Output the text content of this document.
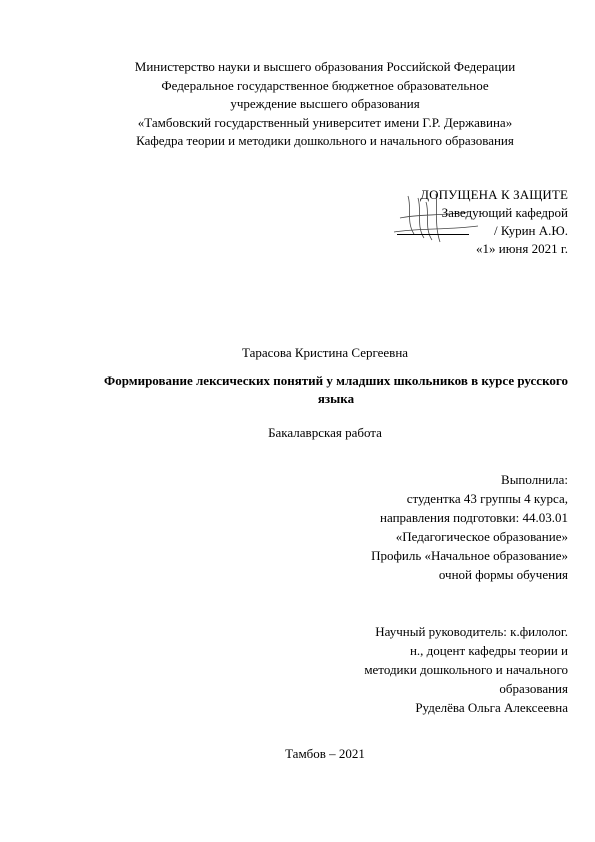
Министерство науки и высшего образования Российской Федерации
Федеральное государственное бюджетное образовательное
учреждение высшего образования
«Тамбовский государственный университет имени Г.Р. Державина»
Кафедра теории и методики дошкольного и начального образования
ДОПУЩЕНА К ЗАЩИТЕ
Заведующий кафедрой
/ Курин А.Ю.
«1» июня 2021 г.
Тарасова Кристина Сергеевна
Формирование лексических понятий у младших школьников в курсе русского языка
Бакалаврская работа
Выполнила:
студентка 43 группы 4 курса,
направления подготовки: 44.03.01
«Педагогическое образование»
Профиль «Начальное образование»
очной формы обучения
Научный руководитель: к.филолог.
н., доцент кафедры теории и
методики дошкольного и начального
образования
Руделёва Ольга Алексеевна
Тамбов – 2021
